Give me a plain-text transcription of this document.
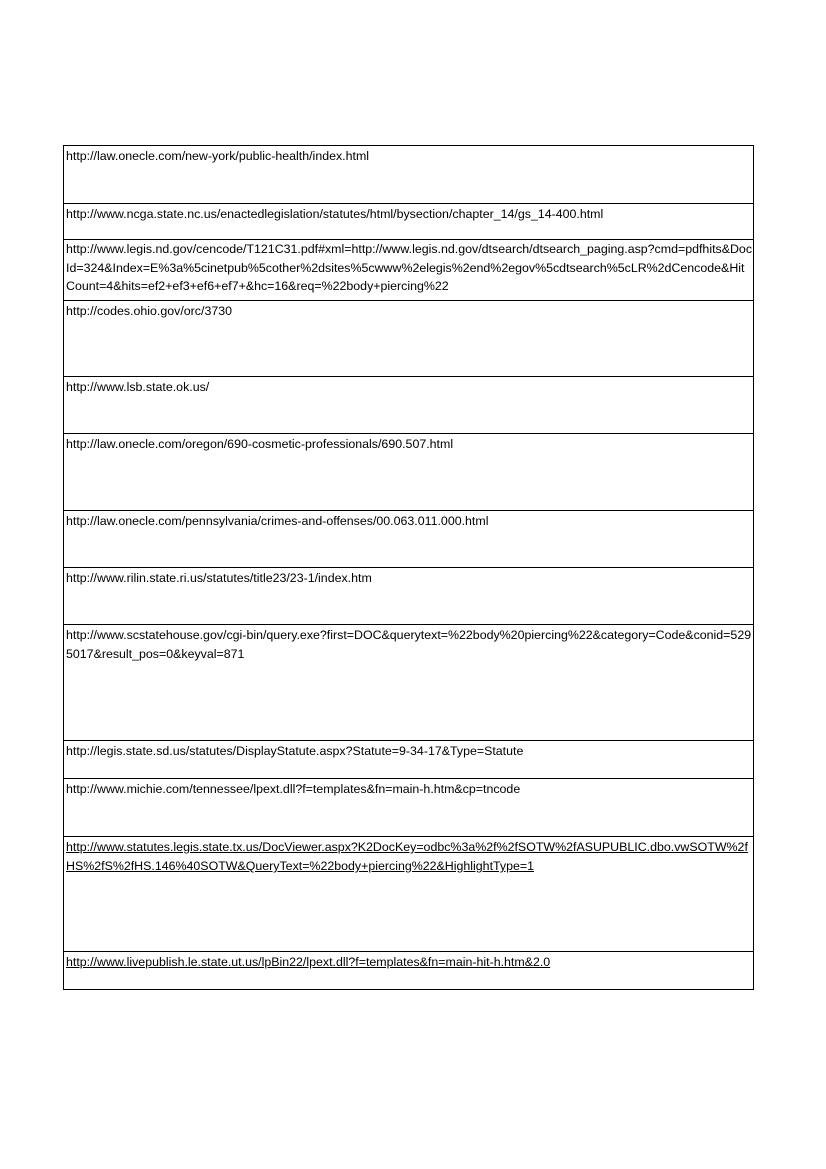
http://law.onecle.com/new-york/public-health/index.html
http://www.ncga.state.nc.us/enactedlegislation/statutes/html/bysection/chapter_14/gs_14-400.html
http://www.legis.nd.gov/cencode/T121C31.pdf#xml=http://www.legis.nd.gov/dtsearch/dtsearch_paging.asp?cmd=pdfhits&DocId=324&Index=E%3a%5cinetpub%5cother%2dsites%5cwww%2elegis%2end%2egov%5cdtsearch%5cLR%2dCencode&HitCount=4&hits=ef2+ef3+ef6+ef7+&hc=16&req=%22body+piercing%22
http://codes.ohio.gov/orc/3730
http://www.lsb.state.ok.us/
http://law.onecle.com/oregon/690-cosmetic-professionals/690.507.html
http://law.onecle.com/pennsylvania/crimes-and-offenses/00.063.011.000.html
http://www.rilin.state.ri.us/statutes/title23/23-1/index.htm
http://www.scstatehouse.gov/cgi-bin/query.exe?first=DOC&querytext=%22body%20piercing%22&category=Code&conid=5295017&result_pos=0&keyval=871
http://legis.state.sd.us/statutes/DisplayStatute.aspx?Statute=9-34-17&Type=Statute
http://www.michie.com/tennessee/lpext.dll?f=templates&fn=main-h.htm&cp=tncode
http://www.statutes.legis.state.tx.us/DocViewer.aspx?K2DocKey=odbc%3a%2f%2fSOTW%2fASUPUBLIC.dbo.vwSOTW%2fHS%2fS%2fHS.146%40SOTW&QueryText=%22body+piercing%22&HighlightType=1
http://www.livepublish.le.state.ut.us/lpBin22/lpext.dll?f=templates&fn=main-hit-h.htm&2.0
